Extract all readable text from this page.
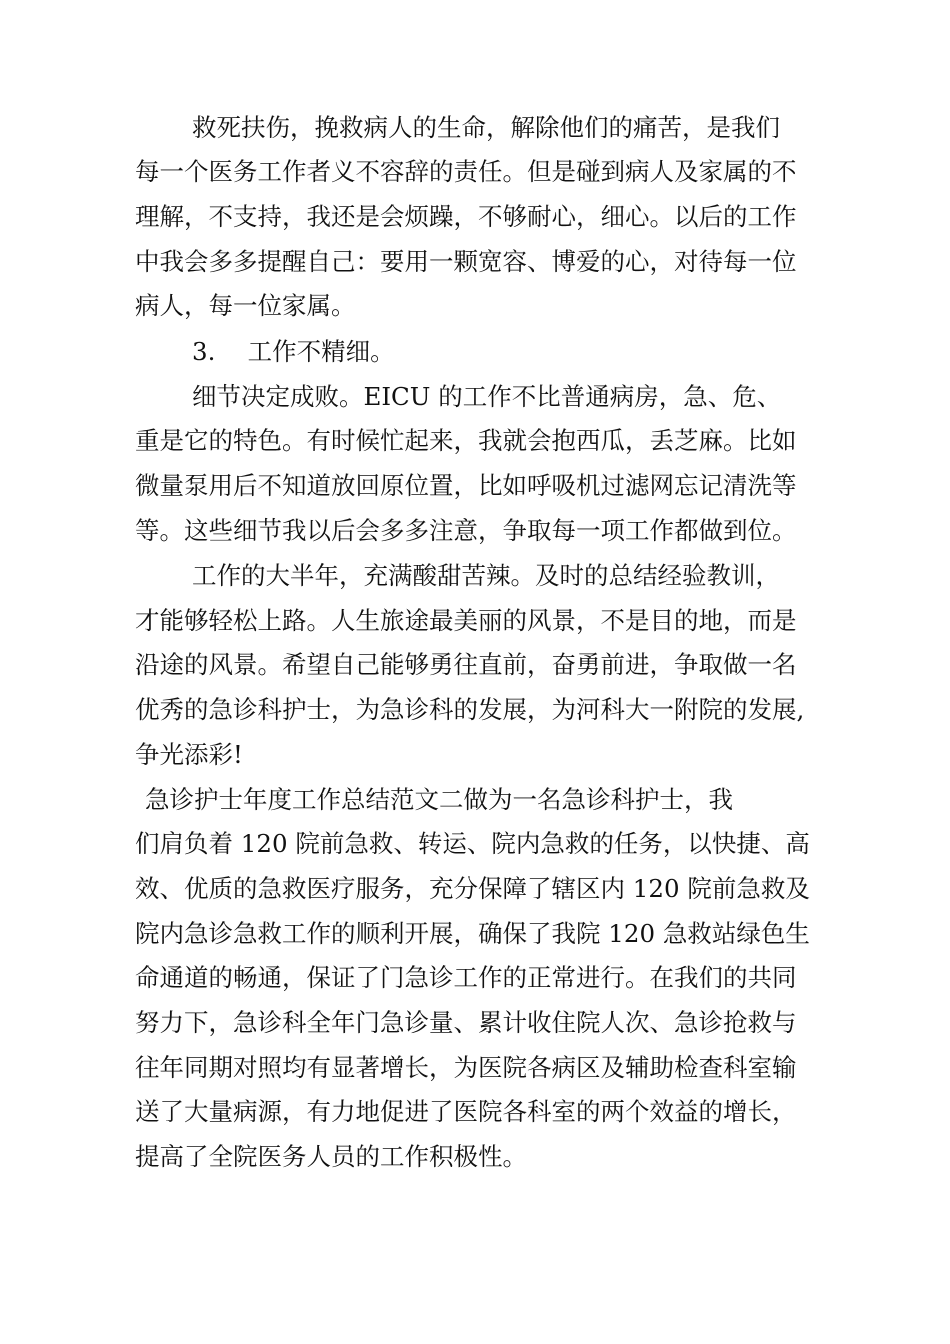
救死扶伤，挽救病人的生命，解除他们的痛苦，是我们
每一个医务工作者义不容辞的责任。但是碰到病人及家属的不
理解，不支持，我还是会烦躁，不够耐心，细心。以后的工作
中我会多多提醒自己：要用一颗宽容、博爱的心，对待每一位
病人，每一位家属。
3.　 工作不精细。
细节决定成败。EICU 的工作不比普通病房，急、危、
重是它的特色。有时候忙起来，我就会抱西瓜，丢芝麻。比如
微量泵用后不知道放回原位置，比如呼吸机过滤网忘记清洗等
等。这些细节我以后会多多注意，争取每一项工作都做到位。
工作的大半年，充满酸甜苦辣。及时的总结经验教训，
才能够轻松上路。人生旅途最美丽的风景，不是目的地，而是
沿途的风景。希望自己能够勇往直前，奋勇前进，争取做一名
优秀的急诊科护士，为急诊科的发展，为河科大一附院的发展,
争光添彩!
急诊护士年度工作总结范文二做为一名急诊科护士，我
们肩负着 120 院前急救、转运、院内急救的任务，以快捷、高
效、优质的急救医疗服务，充分保障了辖区内 120 院前急救及
院内急诊急救工作的顺利开展，确保了我院 120 急救站绿色生
命通道的畅通，保证了门急诊工作的正常进行。在我们的共同
努力下，急诊科全年门急诊量、累计收住院人次、急诊抢救与
往年同期对照均有显著增长，为医院各病区及辅助检查科室输
送了大量病源，有力地促进了医院各科室的两个效益的增长，
提高了全院医务人员的工作积极性。
